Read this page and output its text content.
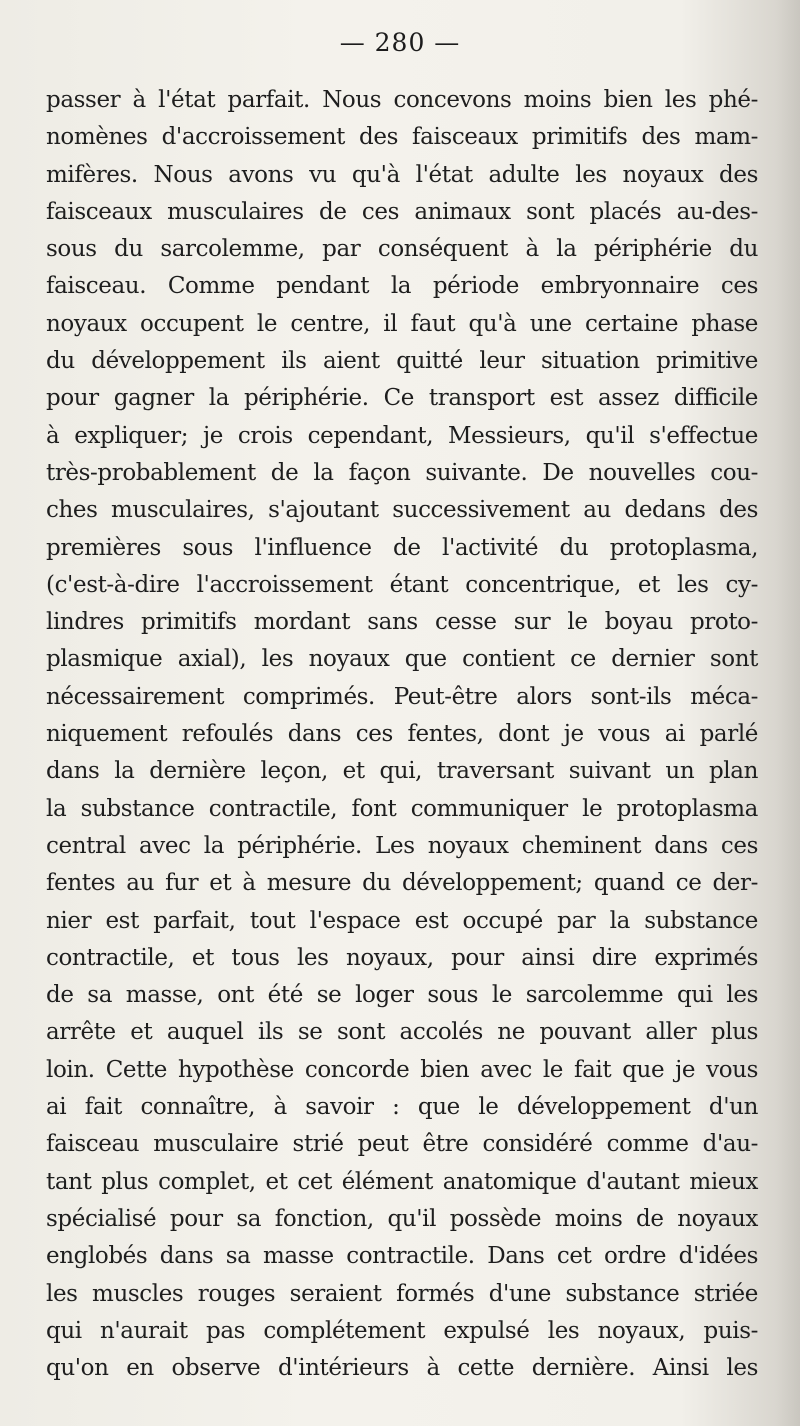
— 280 —
passer à l'état parfait. Nous concevons moins bien les phé-
nomènes d'accroissement des faisceaux primitifs des mam-
mifères. Nous avons vu qu'à l'état adulte les noyaux des
faisceaux musculaires de ces animaux sont placés au-des-
sous du sarcolemme, par conséquent à la périphérie du
faisceau. Comme pendant la période embryonnaire ces
noyaux occupent le centre, il faut qu'à une certaine phase
du développement ils aient quitté leur situation primitive
pour gagner la périphérie. Ce transport est assez difficile
à expliquer; je crois cependant, Messieurs, qu'il s'effectue
très-probablement de la façon suivante. De nouvelles cou-
ches musculaires, s'ajoutant successivement au dedans des
premières sous l'influence de l'activité du protoplasma,
(c'est-à-dire l'accroissement étant concentrique, et les cy-
lindres primitifs mordant sans cesse sur le boyau proto-
plasmique axial), les noyaux que contient ce dernier sont
nécessairement comprimés. Peut-être alors sont-ils méca-
niquement refoulés dans ces fentes, dont je vous ai parlé
dans la dernière leçon, et qui, traversant suivant un plan
la substance contractile, font communiquer le protoplasma
central avec la périphérie. Les noyaux cheminent dans ces
fentes au fur et à mesure du développement; quand ce der-
nier est parfait, tout l'espace est occupé par la substance
contractile, et tous les noyaux, pour ainsi dire exprimés
de sa masse, ont été se loger sous le sarcolemme qui les
arrête et auquel ils se sont accolés ne pouvant aller plus
loin. Cette hypothèse concorde bien avec le fait que je vous
ai fait connaître, à savoir : que le développement d'un
faisceau musculaire strié peut être considéré comme d'au-
tant plus complet, et cet élément anatomique d'autant mieux
spécialisé pour sa fonction, qu'il possède moins de noyaux
englobés dans sa masse contractile. Dans cet ordre d'idées
les muscles rouges seraient formés d'une substance striée
qui n'aurait pas complétement expulsé les noyaux, puis-
qu'on en observe d'intérieurs à cette dernière. Ainsi les
